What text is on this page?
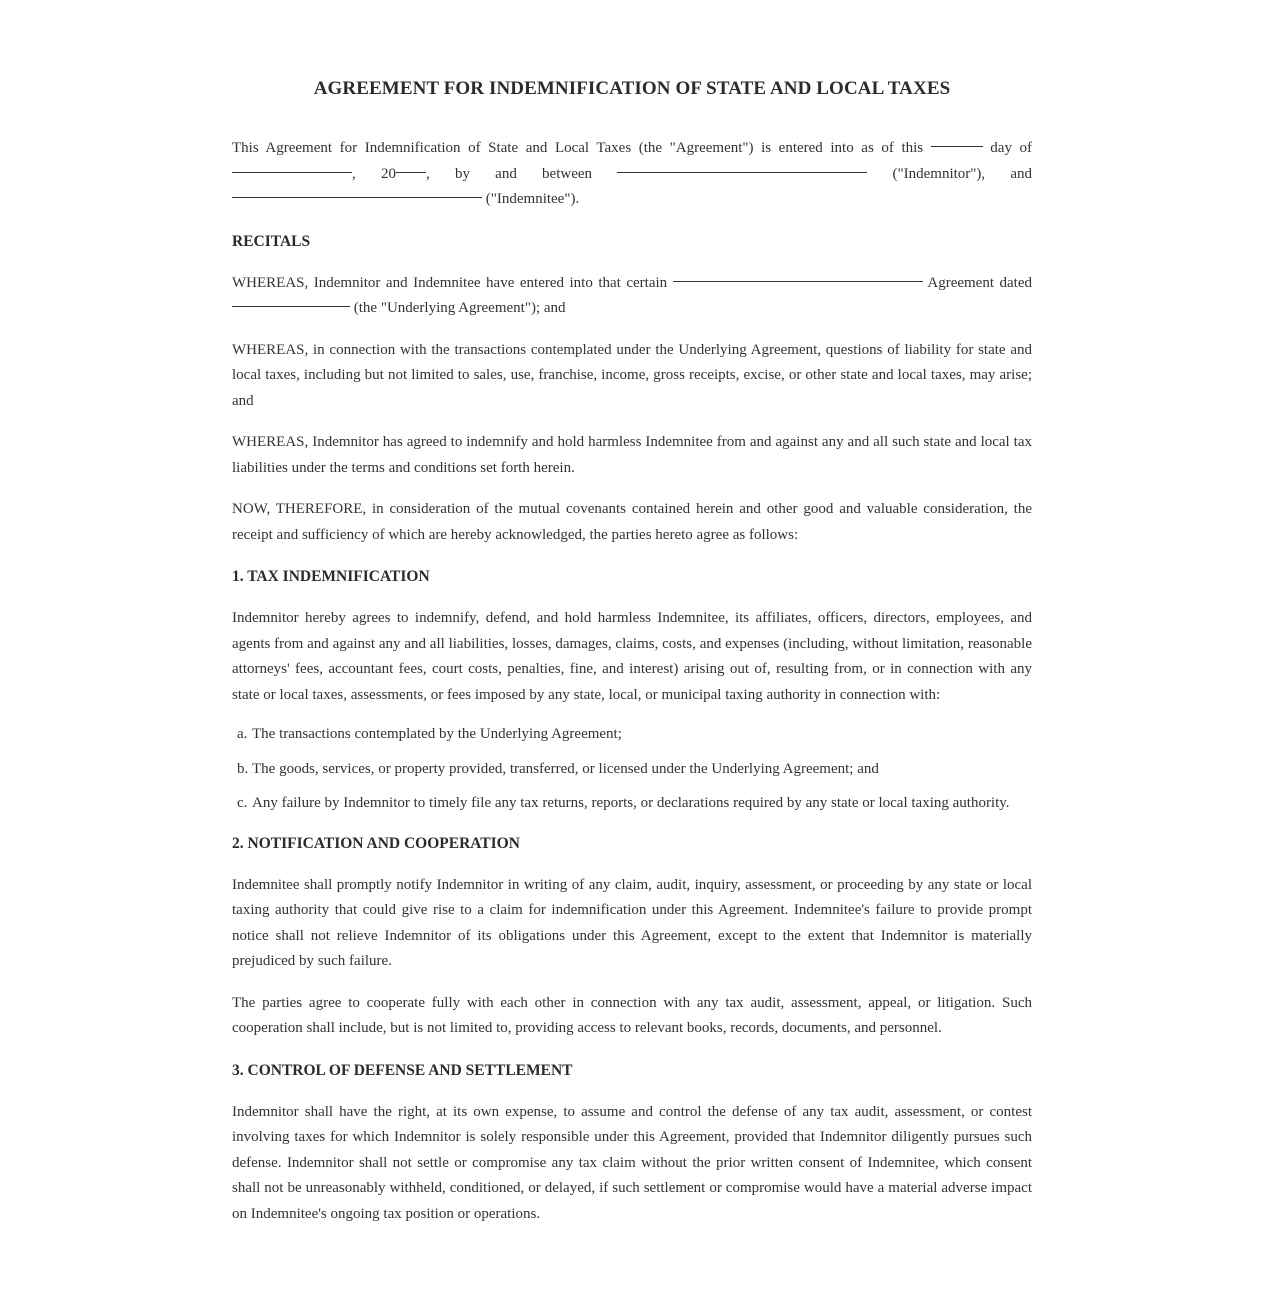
AGREEMENT FOR INDEMNIFICATION OF STATE AND LOCAL TAXES

This Agreement for Indemnification of State and Local Taxes (the "Agreement") is entered into as of this	day of , 20 , by and between	("Indemnitor"), and

("Indemnitee").

RECITALS

WHEREAS, Indemnitor and Indemnitee have entered into that certain	Agreement dated  (the "Underlying Agreement"); and

WHEREAS, in connection with the transactions contemplated under the Underlying Agreement, questions of liability for state and local taxes, including but not limited to sales, use, franchise, income, gross receipts, excise, or other state and local taxes, may arise; and

WHEREAS, Indemnitor has agreed to indemnify and hold harmless Indemnitee from and against any and all such state and local tax liabilities under the terms and conditions set forth herein.

NOW, THEREFORE, in consideration of the mutual covenants contained herein and other good and valuable consideration, the receipt and sufficiency of which are hereby acknowledged, the parties hereto agree as follows:

1. TAX INDEMNIFICATION

Indemnitor hereby agrees to indemnify, defend, and hold harmless Indemnitee, its affiliates, officers, directors, employees, and agents from and against any and all liabilities, losses, damages, claims, costs, and expenses (including, without limitation, reasonable attorneys' fees, accountant fees, court costs, penalties, fine, and interest) arising out of, resulting from, or in connection with any state or local taxes, assessments, or fees imposed by any state, local, or municipal taxing authority in connection with:

a. The transactions contemplated by the Underlying Agreement;
b. The goods, services, or property provided, transferred, or licensed under the Underlying Agreement; and
c. Any failure by Indemnitor to timely file any tax returns, reports, or declarations required by any state or local taxing authority.
2. NOTIFICATION AND COOPERATION

Indemnitee shall promptly notify Indemnitor in writing of any claim, audit, inquiry, assessment, or proceeding by any state or local taxing authority that could give rise to a claim for indemnification under this Agreement. Indemnitee's failure to provide prompt notice shall not relieve Indemnitor of its obligations under this Agreement, except to the extent that Indemnitor is materially prejudiced by such failure.

The parties agree to cooperate fully with each other in connection with any tax audit, assessment, appeal, or litigation. Such cooperation shall include, but is not limited to, providing access to relevant books, records, documents, and personnel.

3. CONTROL OF DEFENSE AND SETTLEMENT

Indemnitor shall have the right, at its own expense, to assume and control the defense of any tax audit, assessment, or contest involving taxes for which Indemnitor is solely responsible under this Agreement, provided that Indemnitor diligently pursues such defense. Indemnitor shall not settle or compromise any tax claim without the prior written consent of Indemnitee, which consent shall not be unreasonably withheld, conditioned, or delayed, if such settlement or compromise would have a material adverse impact on Indemnitee's ongoing tax position or operations.
